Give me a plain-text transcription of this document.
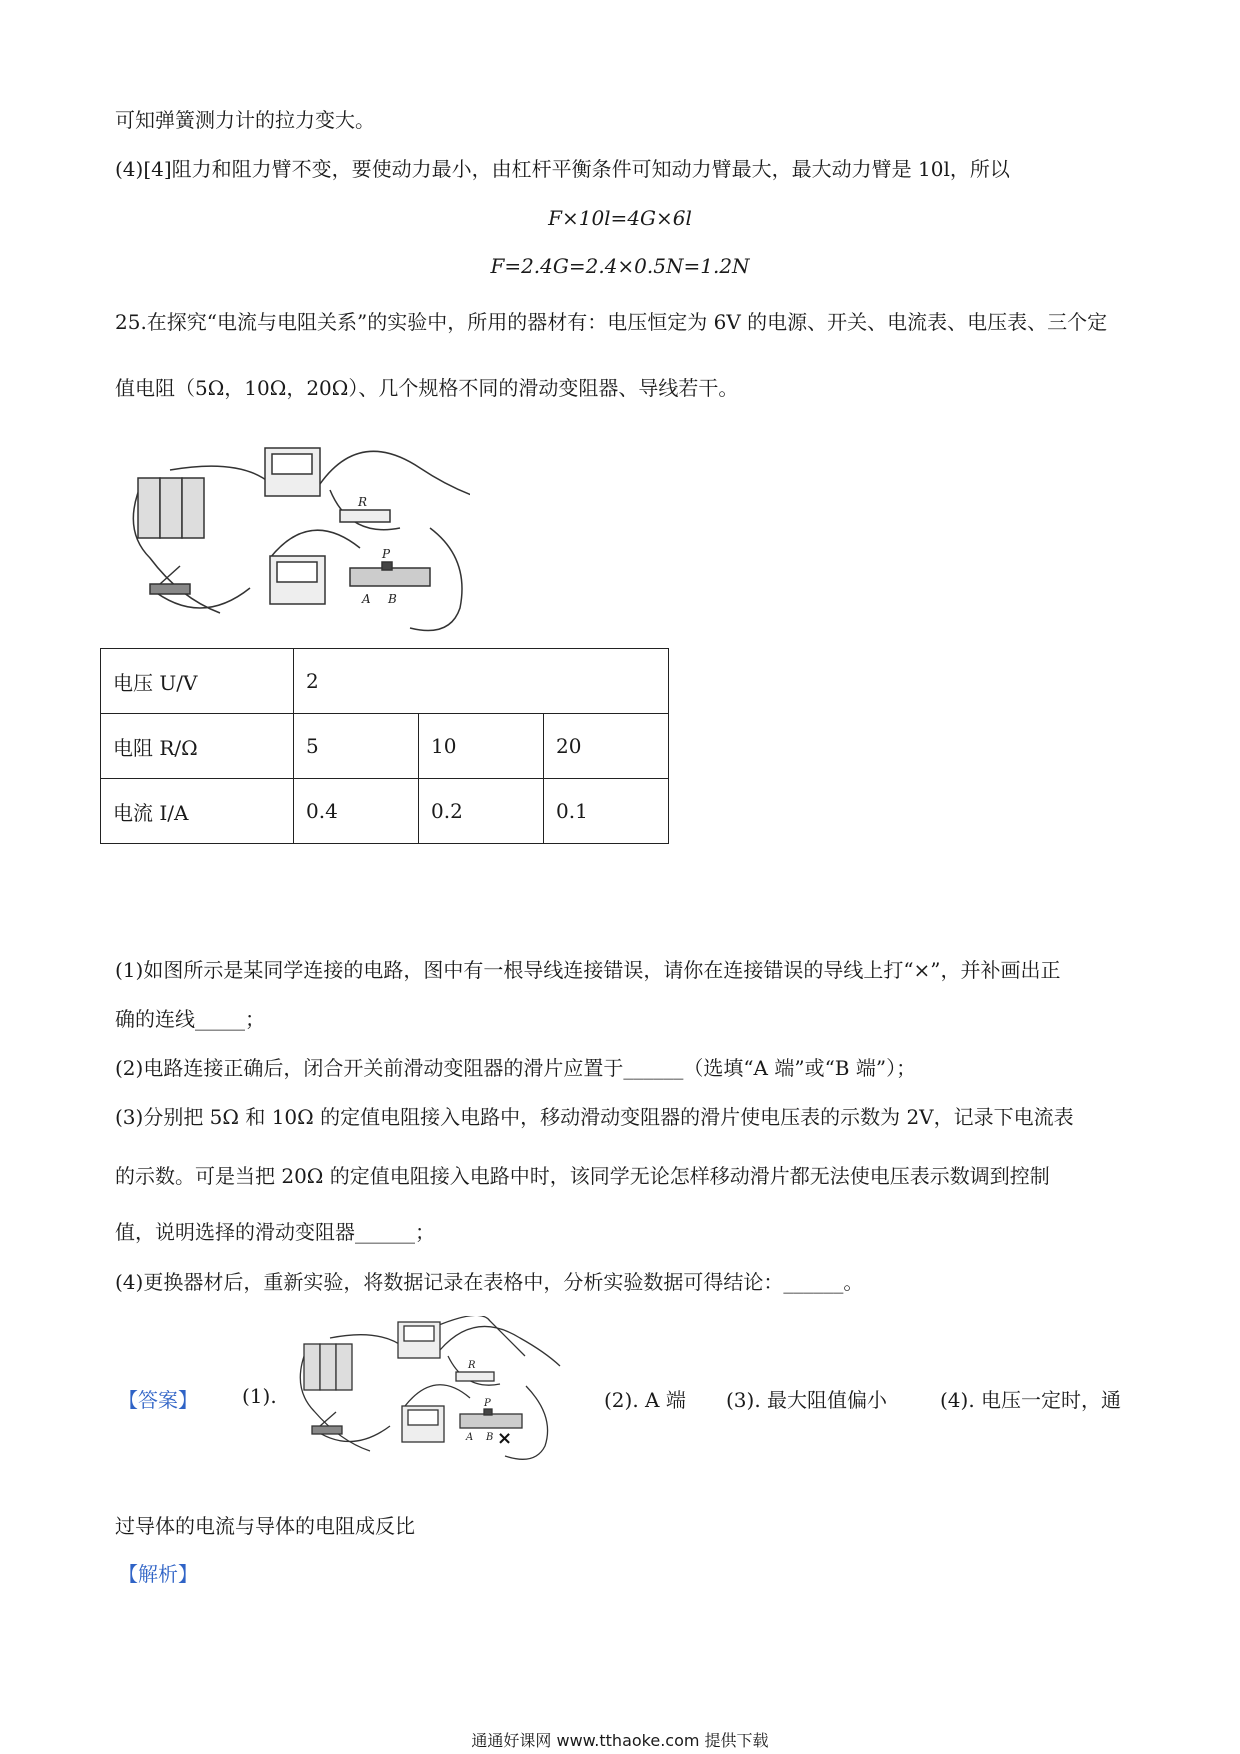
可知弹簧测力计的拉力变大。
(4)[4]阻力和阻力臂不变，要使动力最小，由杠杆平衡条件可知动力臂最大，最大动力臂是 10l，所以
F×10l=4G×6l
F=2.4G=2.4×0.5N=1.2N
25.在探究“电流与电阻关系”的实验中，所用的器材有：电压恒定为 6V 的电源、开关、电流表、电压表、三个定
值电阻（5Ω，10Ω，20Ω）、几个规格不同的滑动变阻器、导线若干。
R
P
A B
电压 U/V	2		
电阻 R/Ω	5	10	20
电流 I/A	0.4	0.2	0.1
(1)如图所示是某同学连接的电路，图中有一根导线连接错误，请你在连接错误的导线上打“×”，并补画出正
确的连线_____；
(2)电路连接正确后，闭合开关前滑动变阻器的滑片应置于______（选填“A 端”或“B 端”）；
(3)分别把 5Ω 和 10Ω 的定值电阻接入电路中，移动滑动变阻器的滑片使电压表的示数为 2V，记录下电流表
的示数。可是当把 20Ω 的定值电阻接入电路中时，该同学无论怎样移动滑片都无法使电压表示数调到控制
值，说明选择的滑动变阻器______；
(4)更换器材后，重新实验，将数据记录在表格中，分析实验数据可得结论：______。
【答案】 (1).
R
P
A B ×
(2). A 端 (3). 最大阻值偏小	(4). 电压一定时，通
过导体的电流与导体的电阻成反比
【解析】
通通好课网 www.tthaoke.com 提供下载
